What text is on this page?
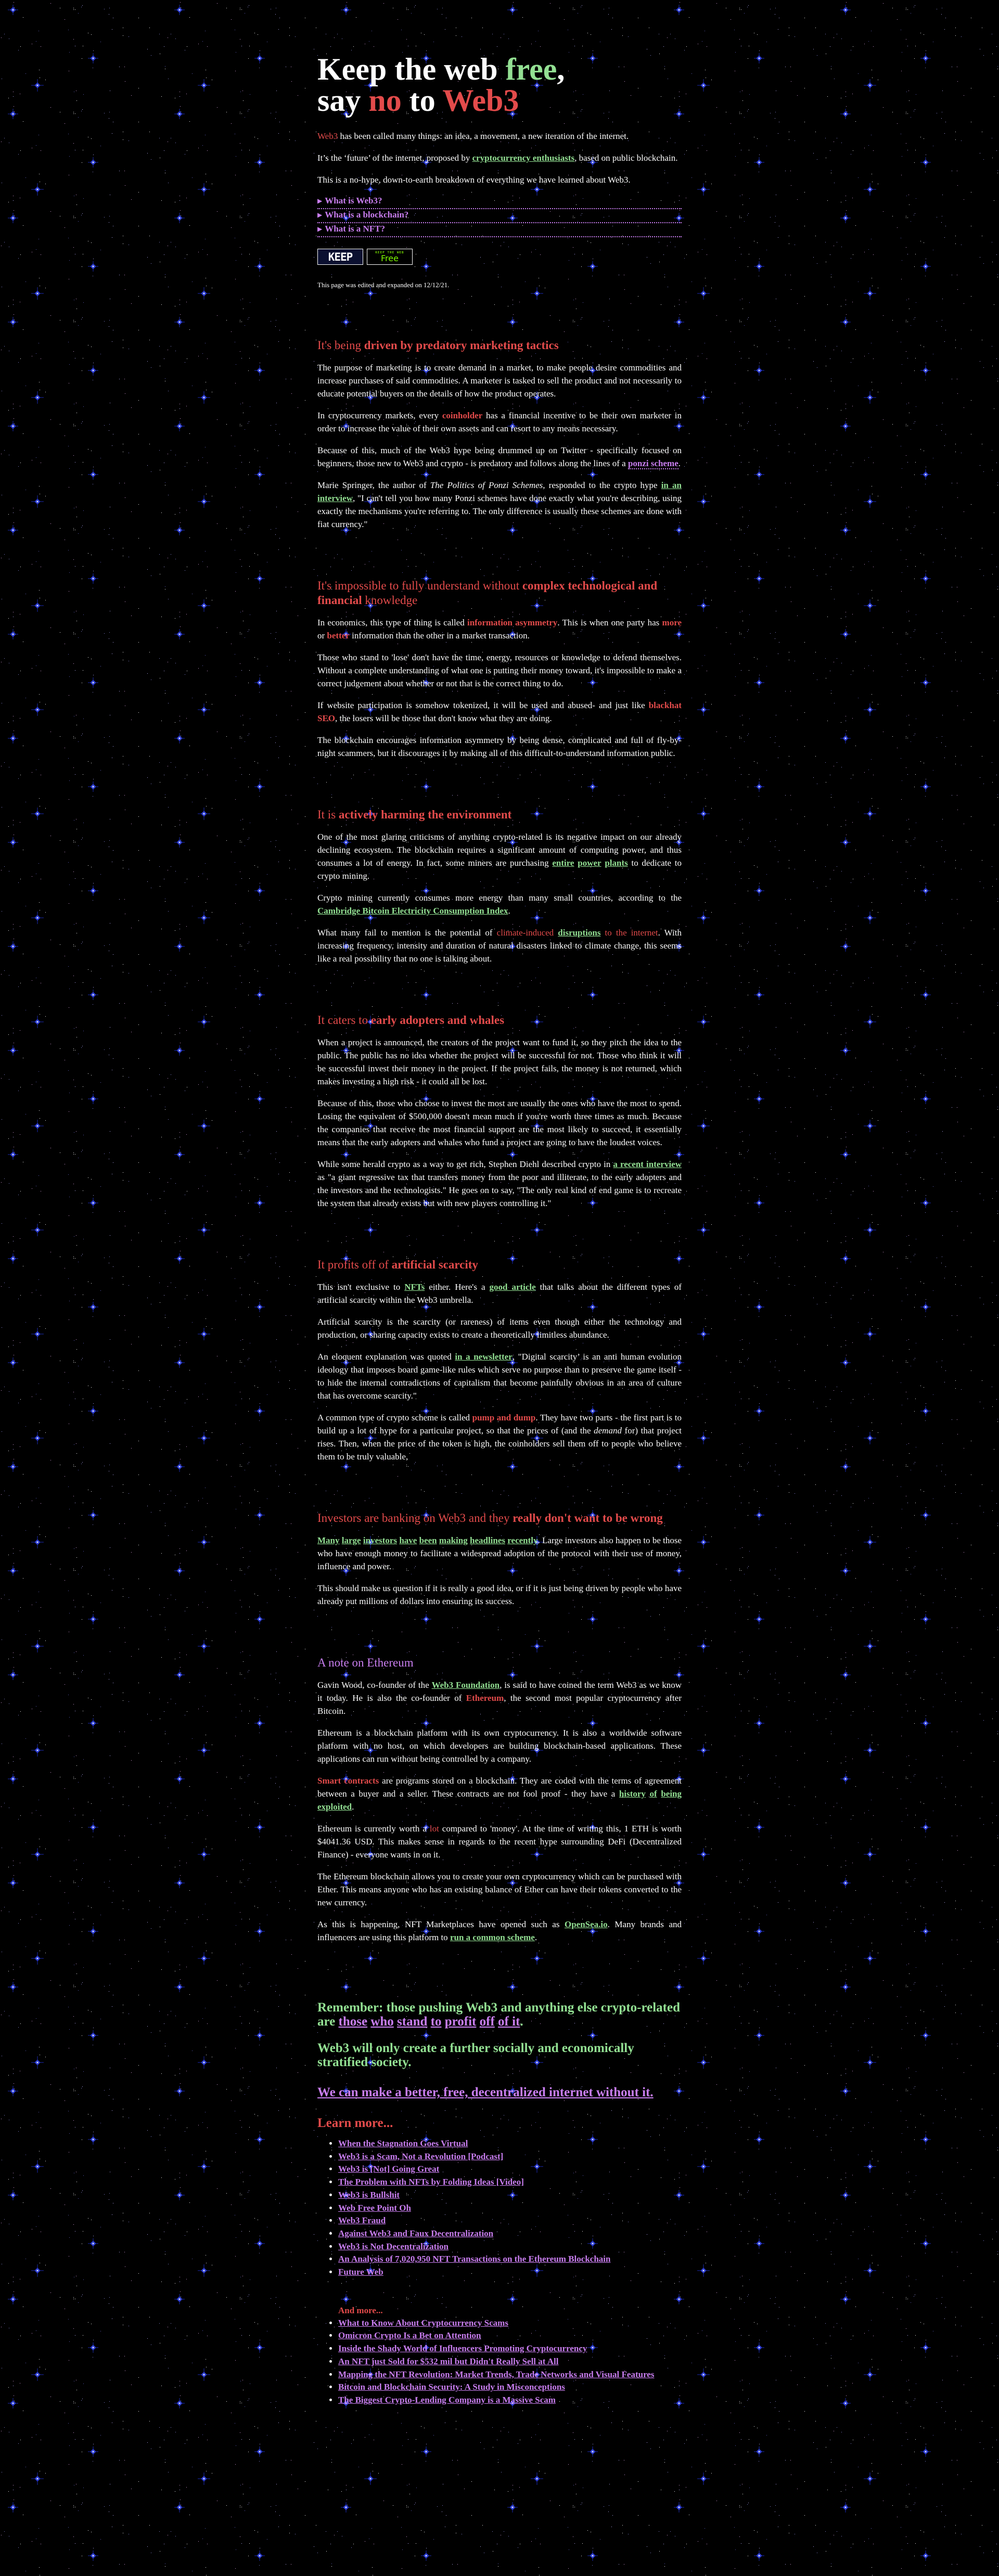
Keep the web free,
say no to Web3

Web3 has been called many things: an idea, a movement, a new iteration of the internet.

It’s the ‘future’ of the internet, proposed by cryptocurrency enthusiasts, based on public blockchain.

This is a no-hype, down-to-earth breakdown of everything we have learned about Web3.

▶ What is Web3?
▶ What is a blockchain?
▶ What is a NFT?
KEEP	KEEP THE WEB
Free

This page was edited and expanded on 12/12/21.

It's being driven by predatory marketing tactics

The purpose of marketing is to create demand in a market, to make people desire commodities and increase purchases of said commodities. A marketer is tasked to sell the product and not necessarily to educate potential buyers on the details of how the product operates.

In cryptocurrency markets, every coinholder has a financial incentive to be their own marketer in order to increase the value of their own assets and can resort to any means necessary.

Because of this, much of the Web3 hype being drummed up on Twitter - specifically focused on beginners, those new to Web3 and crypto - is predatory and follows along the lines of a ponzi scheme.

Marie Springer, the author of The Politics of Ponzi Schemes, responded to the crypto hype in an interview, "I can't tell you how many Ponzi schemes have done exactly what you're describing, using exactly the mechanisms you're referring to. The only difference is usually these schemes are done with fiat currency."

It's impossible to fully understand without complex technological and financial knowledge

In economics, this type of thing is called information asymmetry. This is when one party has more or better information than the other in a market transaction.

Those who stand to 'lose' don't have the time, energy, resources or knowledge to defend themselves. Without a complete understanding of what one is putting their money toward, it's impossible to make a correct judgement about whether or not that is the correct thing to do.

If website participation is somehow tokenized, it will be used and abused- and just like blackhat SEO, the losers will be those that don't know what they are doing.

The blockchain encourages information asymmetry by being dense, complicated and full of fly-by-night scammers, but it discourages it by making all of this difficult-to-understand information public.

It is actively harming the environment

One of the most glaring criticisms of anything crypto-related is its negative impact on our already declining ecosystem. The blockchain requires a significant amount of computing power, and thus consumes a lot of energy. In fact, some miners are purchasing entire power plants to dedicate to crypto mining.

Crypto mining currently consumes more energy than many small countries, according to the Cambridge Bitcoin Electricity Consumption Index.

What many fail to mention is the potential of climate-induced disruptions to the internet. With increasing frequency, intensity and duration of natural disasters linked to climate change, this seems like a real possibility that no one is talking about.

It caters to early adopters and whales

When a project is announced, the creators of the project want to fund it, so they pitch the idea to the public. The public has no idea whether the project will be successful for not. Those who think it will be successful invest their money in the project. If the project fails, the money is not returned, which makes investing a high risk - it could all be lost.

Because of this, those who choose to invest the most are usually the ones who have the most to spend. Losing the equivalent of $500,000 doesn't mean much if you're worth three times as much. Because the companies that receive the most financial support are the most likely to succeed, it essentially means that the early adopters and whales who fund a project are going to have the loudest voices.

While some herald crypto as a way to get rich, Stephen Diehl described crypto in a recent interview as "a giant regressive tax that transfers money from the poor and illiterate, to the early adopters and the investors and the technologists." He goes on to say, "The only real kind of end game is to recreate the system that already exists but with new players controlling it."

It profits off of artificial scarcity

This isn't exclusive to NFTs either. Here's a good article that talks about the different types of artificial scarcity within the Web3 umbrella.

Artificial scarcity is the scarcity (or rareness) of items even though either the technology and production, or sharing capacity exists to create a theoretically limitless abundance.

An eloquent explanation was quoted in a newsletter, "Digital scarcity’ is an anti human evolution ideology that imposes board game-like rules which serve no purpose than to preserve the game itself - to hide the internal contradictions of capitalism that become painfully obvious in an area of culture that has overcome scarcity."

A common type of crypto scheme is called pump and dump. They have two parts - the first part is to build up a lot of hype for a particular project, so that the prices of (and the demand for) that project rises. Then, when the price of the token is high, the coinholders sell them off to people who believe them to be truly valuable,

Investors are banking on Web3 and they really don't want to be wrong

Many large investors have been making headlines recently. Large investors also happen to be those who have enough money to facilitate a widespread adoption of the protocol with their use of money, influence and power.

This should make us question if it is really a good idea, or if it is just being driven by people who have already put millions of dollars into ensuring its success.

A note on Ethereum

Gavin Wood, co-founder of the Web3 Foundation, is said to have coined the term Web3 as we know it today. He is also the co-founder of Ethereum, the second most popular cryptocurrency after Bitcoin.

Ethereum is a blockchain platform with its own cryptocurrency. It is also a worldwide software platform with no host, on which developers are building blockchain-based applications. These applications can run without being controlled by a company.

Smart contracts are programs stored on a blockchain. They are coded with the terms of agreement between a buyer and a seller. These contracts are not fool proof - they have a history of being exploited.

Ethereum is currently worth a lot compared to 'money'. At the time of writing this, 1 ETH is worth $4041.36 USD. This makes sense in regards to the recent hype surrounding DeFi (Decentralized Finance) - everyone wants in on it.

The Ethereum blockchain allows you to create your own cryptocurrency which can be purchased with Ether. This means anyone who has an existing balance of Ether can have their tokens converted to the new currency.

As this is happening, NFT Marketplaces have opened such as OpenSea.io. Many brands and influencers are using this platform to run a common scheme.

Remember: those pushing Web3 and anything else crypto-related are those who stand to profit off of it.

Web3 will only create a further socially and economically stratified society.

We can make a better, free, decentralized internet without it.

Learn more...
• When the Stagnation Goes Virtual
• Web3 is a Scam, Not a Revolution [Podcast]
• Web3 is [Not] Going Great
• The Problem with NFTs by Folding Ideas [Video]
• Web3 is Bullshit
• Web Free Point Oh
• Web3 Fraud
• Against Web3 and Faux Decentralization
• Web3 is Not Decentralization
• An Analysis of 7,020,950 NFT Transactions on the Ethereum Blockchain
• Future Web
And more...
• What to Know About Cryptocurrency Scams
• Omicron Crypto Is a Bet on Attention
• Inside the Shady World of Influencers Promoting Cryptocurrency
• An NFT just Sold for $532 mil but Didn't Really Sell at All
• Mapping the NFT Revolution: Market Trends, Trade Networks and Visual Features
• Bitcoin and Blockchain Security: A Study in Misconceptions
• The Biggest Crypto-Lending Company is a Massive Scam
